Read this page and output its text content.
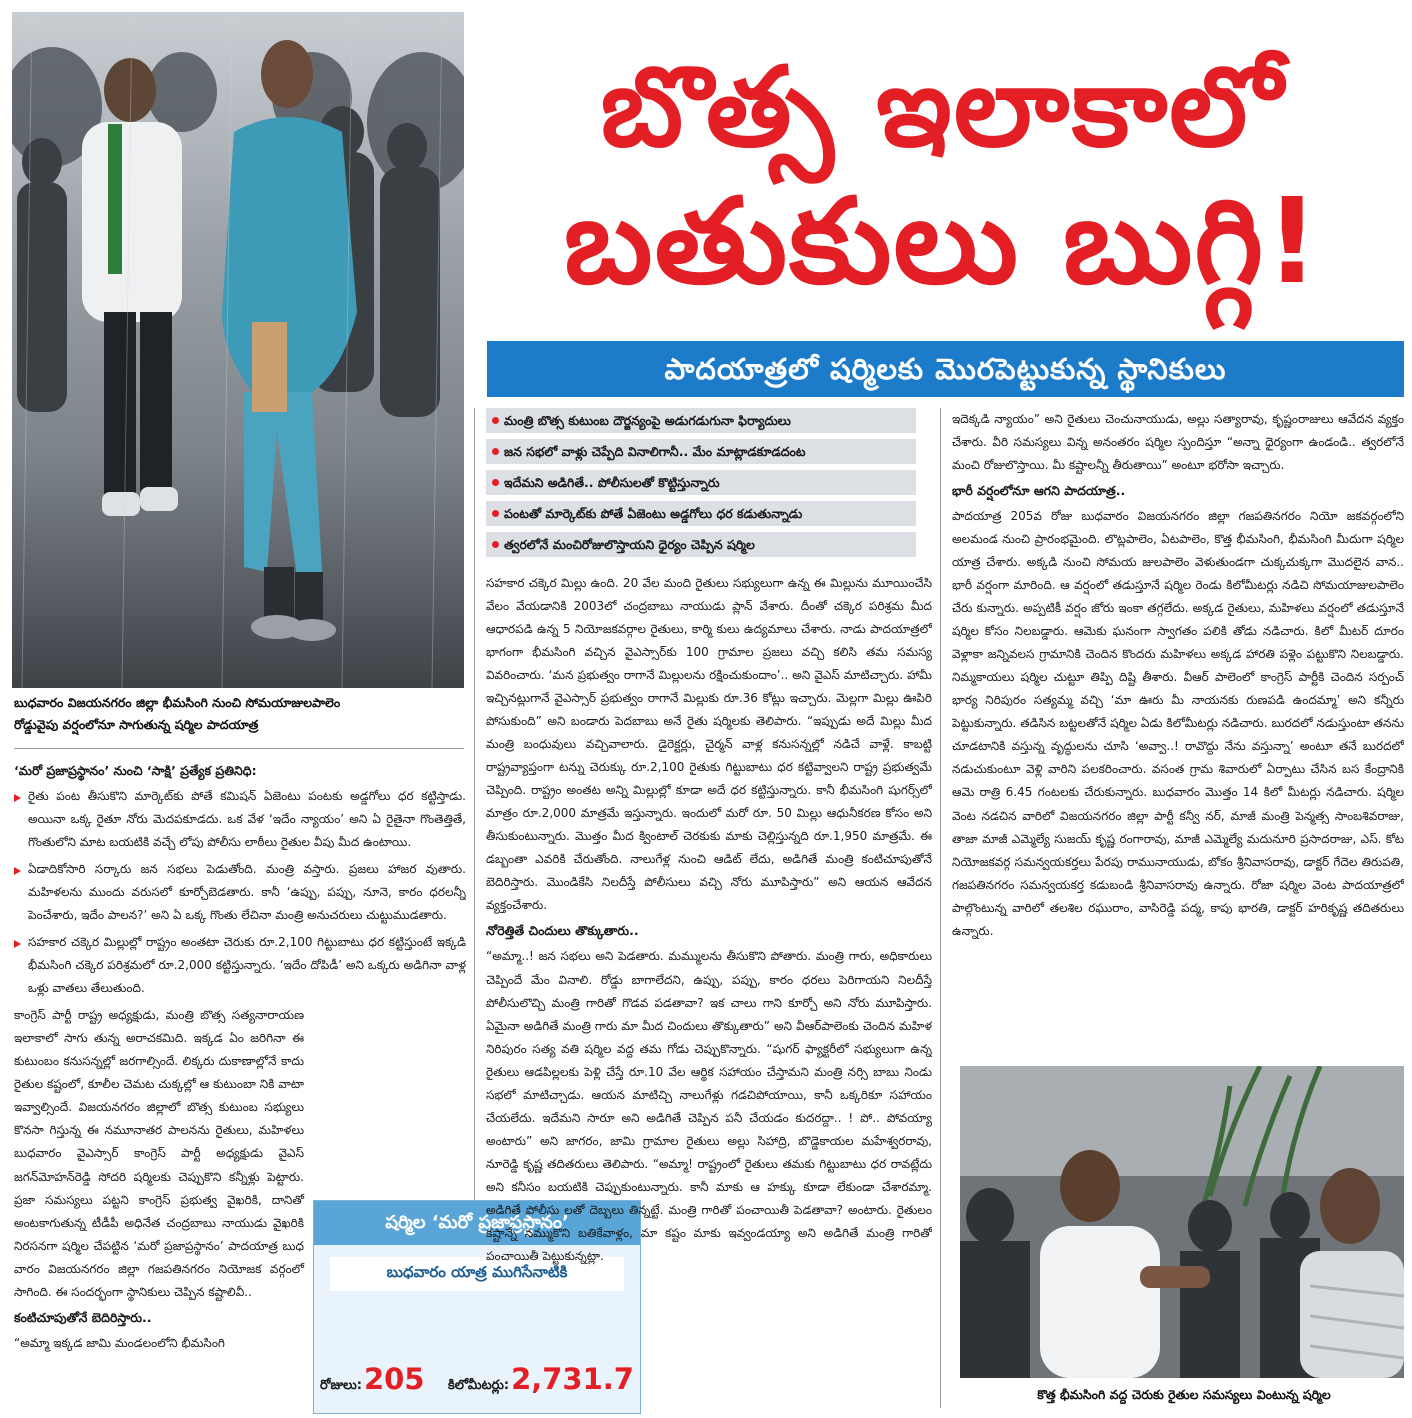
బుధవారం విజయనగరం జిల్లా భీమసింగి నుంచి సోమయాజులపాలెం
రోడ్డువైపు వర్షంలోనూ సాగుతున్న షర్మిల పాదయాత్ర
బొత్స ఇలాకాలో
బతుకులు బుగ్గి!
పాదయాత్రలో షర్మిలకు మొరపెట్టుకున్న స్థానికులు
మంత్రి బొత్స కుటుంబ దౌర్జన్యంపై అడుగడుగునా ఫిర్యాదులు
జన సభలో వాళ్లు చెప్పేది వినాలిగానీ.. మేం మాట్లాడకూడదంట
ఇదేమని అడిగితే.. పోలీసులతో కొట్టిస్తున్నారు
పంటతో మార్కెట్‌కు పోతే ఏజెంటు అడ్డగోలు ధర కడుతున్నాడు
త్వరలోనే మంచిరోజులొస్తాయని ధైర్యం చెప్పిన షర్మిల

‘మరో ప్రజాప్రస్థానం’ నుంచి ‘సాక్షి’ ప్రత్యేక ప్రతినిధి:

రైతు పంట తీసుకొని మార్కెట్‌కు పోతే కమిషన్ ఏజెంటు పంటకు అడ్డగోలు ధర కట్టిస్తాడు. అయినా ఒక్క రైతూ నోరు మెదపకూడదు. ఒక వేళ ‘ఇదేం న్యాయం’ అని ఏ రైతైనా గొంతెత్తితే, గొంతులోని మాట బయటికి వచ్చే లోపు పోలీసు లాఠీలు రైతుల వీపు మీద ఉంటాయి.
ఏడాదికోసారి సర్కారు జన సభలు పెడుతోంది. మంత్రి వస్తారు. ప్రజలు హాజర వుతారు. మహిళలను ముందు వరుసలో కూర్చోబెడతారు. కానీ ‘ఉప్పు, పప్పు, నూనె, కారం ధరలన్నీ పెంచేశారు, ఇదేం పాలన?’ అని ఏ ఒక్క గొంతు లేచినా మంత్రి అనుచరులు చుట్టుముడతారు.
సహకార చక్కెర మిల్లుల్లో రాష్ట్రం అంతటా చెరుకు రూ.2,100 గిట్టుబాటు ధర కట్టిస్తుంటే ఇక్కడి భీమసింగి చక్కెర పరిశ్రమలో రూ.2,000 కట్టిస్తున్నారు. ‘ఇదేం దోపిడీ’ అని ఒక్కరు అడిగినా వాళ్ల ఒళ్లు వాతలు తేలుతుంది.

కాంగ్రెస్ పార్టీ రాష్ట్ర అధ్యక్షుడు, మంత్రి బొత్స సత్యనారాయణ ఇలాకాలో సాగు తున్న అరాచకమిది. ఇక్కడ ఏం జరిగినా ఈ కుటుంబం కనుసన్నల్లో జరగాల్సిందే. లిక్కరు దుకాణాల్లోనే కాదు రైతుల కష్టంలో, కూలీల చెమట చుక్కల్లో ఆ కుటుంబా నికి వాటా ఇవ్వాల్సిందే. విజయనగరం జిల్లాలో బొత్స కుటుంబ సభ్యులు కొనసా గిస్తున్న ఈ నమూనాతర పాలనను రైతులు, మహిళలు బుధవారం వైఎస్సార్ కాంగ్రెస్ పార్టీ అధ్యక్షుడు వైఎస్ జగన్‌మోహన్‌రెడ్డి సోదరి షర్మిలకు చెప్పుకొని కన్నీళ్లు పెట్టారు. ప్రజా సమస్యలు పట్టని కాంగ్రెస్ ప్రభుత్వ వైఖరికి, దానితో అంటకాగుతున్న టీడీపీ అధినేత చంద్రబాబు నాయుడు వైఖరికి నిరసనగా షర్మిల చేపట్టిన ‘మరో ప్రజాప్రస్థానం’ పాదయాత్ర బుధ వారం విజయనగరం జిల్లా గజపతినగరం నియోజక వర్గంలో సాగింది. ఈ సందర్భంగా స్థానికులు చెప్పిన కష్టాలివీ..

కంటిచూపుతోనే బెదిరిస్తారు..

“అమ్మా ఇక్కడ జామి మండలంలోని భీమసింగి

షర్మిల ‘మరో ప్రజాప్రస్థానం’
బుధవారం యాత్ర ముగిసేనాటికి
రోజులు:205 కిలోమీటర్లు:2,731.7

సహకార చక్కెర మిల్లు ఉంది. 20 వేల మంది రైతులు సభ్యులుగా ఉన్న ఈ మిల్లును మూయించేసి వేలం వేయడానికి 2003లో చంద్రబాబు నాయుడు ప్లాన్ వేశారు. దీంతో చక్కెర పరిశ్రమ మీద ఆధారపడి ఉన్న 5 నియోజకవర్గాల రైతులు, కార్మి కులు ఉద్యమాలు చేశారు. నాడు పాదయాత్రలో భాగంగా భీమసింగి వచ్చిన వైఎస్సార్‌కు 100 గ్రామాల ప్రజలు వచ్చి కలిసి తమ సమస్య వివరించారు. ‘మన ప్రభుత్వం రాగానే మిల్లులను రక్షించుకుందాం’.. అని వైఎస్ మాటిచ్చారు. హామీ ఇచ్చినట్లుగానే వైఎస్సార్ ప్రభుత్వం రాగానే మిల్లుకు రూ.36 కోట్లు ఇచ్చారు. మెల్లగా మిల్లు ఊపిరి పోసుకుంది” అని బండారు పెదబాబు అనే రైతు షర్మిలకు తెలిపారు. “ఇప్పుడు అదే మిల్లు మీద మంత్రి బంధువులు వచ్చివాలారు. డైరెక్టర్లు, చైర్మన్ వాళ్ల కనుసన్నల్లో నడిచే వాళ్లే. కాబట్టి రాష్ట్రవ్యాప్తంగా టన్ను చెరుక్కు రూ.2,100 రైతుకు గిట్టుబాటు ధర కట్టివ్వాలని రాష్ట్ర ప్రభుత్వమే చెప్పింది. రాష్ట్రం అంతట అన్ని మిల్లుల్లో కూడా అదే ధర కట్టిస్తున్నారు. కానీ భీమసింగి షుగర్స్‌లో మాత్రం రూ.2,000 మాత్రమే ఇస్తున్నారు. ఇందులో మరో రూ. 50 మిల్లు ఆధునీకరణ కోసం అని తీసుకుంటున్నారు. మొత్తం మీద క్వింటాల్ చెరకుకు మాకు చెల్లిస్తున్నది రూ.1,950 మాత్రమే. ఈ డబ్బంతా ఎవరికి చేరుతోంది. నాలుగేళ్ల నుంచి ఆడిట్ లేదు, అడిగితే మంత్రి కంటిచూపుతోనే బెదిరిస్తారు. మొండికేసి నిలదీస్తే పోలీసులు వచ్చి నోరు మూపిస్తారు” అని ఆయన ఆవేదన వ్యక్తంచేశారు.

నోరెత్తితే చిందులు తొక్కుతారు..

“అమ్మా..! జన సభలు అని పెడతారు. మమ్ములను తీసుకొని పోతారు. మంత్రి గారు, అధికారులు చెప్పిందే మేం వినాలి. రోడ్డు బాగాలేదని, ఉప్పు, పప్పు, కారం ధరలు పెరిగాయని నిలదీస్తే పోలీసులొచ్చి మంత్రి గారితో గొడవ పడతావా? ఇక చాలు గాని కూర్చో అని నోరు మూపిస్తారు. ఏమైనా అడిగితే మంత్రి గారు మా మీద చిందులు తొక్కుతారు” అని వీఆర్‌పాలెంకు చెందిన మహిళ నిరిపురం సత్య వతి షర్మిల వద్ద తమ గోడు చెప్పుకొన్నారు. “షుగర్ ఫ్యాక్టరీలో సభ్యులుగా ఉన్న రైతులు ఆడపిల్లలకు పెళ్లి చేస్తే రూ.10 వేల ఆర్థిక సహాయం చేస్తామని మంత్రి నర్సి బాబు నిండు సభలో మాటిచ్చాడు. ఆయన మాటిచ్చి నాలుగేళ్లు గడచిపోయాయి, కానీ ఒక్కరికూ సహాయం చేయలేదు. ఇదేమని సారూ అని అడిగితే చెప్పిన పనీ చేయడం కుదరద్దా.. ! పో.. పోవయ్యా అంటారు” అని జాగరం, జామి గ్రామాల రైతులు అల్లు సిహాద్రి, బొడ్డెకాయల మహేశ్వరరావు, నూరెడ్డి కృష్ణ తదితరులు తెలిపారు. “అమ్మా! రాష్ట్రంలో రైతులు తమకు గిట్టుబాటు ధర రావట్లేదు అని కనీసం బయటికి చెప్పుకుంటున్నారు. కానీ మాకు ఆ హక్కు కూడా లేకుండా చేశారమ్మా. అడిగితే పోలీసు లతో దెబ్బలు తిన్నట్టే. మంత్రి గారితో పంచాయితీ పెడతావా? అంటారు. రైతులం కష్టాన్నే నమ్ముకొని బతికేవాళ్లం, మా కష్టం మాకు ఇవ్వండయ్యా అని అడిగితే మంత్రి గారితో పంచాయితీ పెట్టుకున్నట్లా.

ఇదెక్కడి న్యాయం” అని రైతులు చెంచునాయుడు, అల్లు సత్యారావు, కృష్ణంరాజులు ఆవేదన వ్యక్తం చేశారు. వీరి సమస్యలు విన్న అనంతరం షర్మిల స్పందిస్తూ “అన్నా ధైర్యంగా ఉండండి.. త్వరలోనే మంచి రోజులొస్తాయి. మీ కష్టాలన్నీ తీరుతాయి” అంటూ భరోసా ఇచ్చారు.

భారీ వర్షంలోనూ ఆగని పాదయాత్ర..

పాదయాత్ర 205వ రోజు బుధవారం విజయనగరం జిల్లా గజపతినగరం నియో జకవర్గంలోని అలమండ నుంచి ప్రారంభమైంది. లొట్లపాలెం, ఏటపాలెం, కొత్త భీమసింగి, భీమసింగి మీదుగా షర్మిల యాత్ర చేశారు. అక్కడి నుంచి సోమయ జులపాలెం వెళుతుండగా చుక్కచుక్కగా మొదలైన వాన.. భారీ వర్షంగా మారింది. ఆ వర్షంలో తడుస్తూనే షర్మిల రెండు కిలోమీటర్లు నడిచి సోమయాజులపాలెం చేరు కున్నారు. అప్పటికీ వర్షం జోరు ఇంకా తగ్గలేదు. అక్కడ రైతులు, మహిళలు వర్షంలో తడుస్తూనే షర్మిల కోసం నిలబడ్డారు. ఆమెకు ఘనంగా స్వాగతం పలికి తోడు నడిచారు. కిలో మీటర్ దూరం వెళ్లాకా జన్నివలస గ్రామానికి చెందిన కొందరు మహిళలు అక్కడ హారతి పళ్లెం పట్టుకొని నిలబడ్డారు. నిమ్మకాయలు షర్మిల చుట్టూ తిప్పి దిష్టి తీశారు. వీఆర్ పాలెంలో కాంగ్రెస్ పార్టీకి చెందిన సర్పంచ్ భార్య నిరిపురం సత్యమ్మ వచ్చి ‘మా ఊరు మీ నాయనకు రుణపడి ఉందమ్మా’ అని కన్నీరు పెట్టుకున్నారు. తడిసిన బట్టలతోనే షర్మిల ఏడు కిలోమీటర్లు నడిచారు. బురదలో నడుస్తుంటా తనను చూడటానికి వస్తున్న వృద్ధులను చూసి ‘అవ్వా..! రావొద్దు నేను వస్తున్నా’ అంటూ తనే బురదలో నడుచుకుంటూ వెళ్లి వారిని పలకరించారు. వసంత గ్రామ శివారులో ఏర్పాటు చేసిన బస కేంద్రానికి ఆమె రాత్రి 6.45 గంటలకు చేరుకున్నారు. బుధవారం మొత్తం 14 కిలో మీటర్లు నడిచారు. షర్మిల వెంట నడచిన వారిలో విజయనగరం జిల్లా పార్టీ కన్వీ నర్, మాజీ మంత్రి పెన్మత్స సాంబశివరాజు, తాజా మాజీ ఎమ్మెల్యే సుజయ్ కృష్ణ రంగారావు, మాజీ ఎమ్మెల్యే మదునూరి ప్రసాదరాజు, ఎస్. కోట నియోజకవర్గ సమన్వయకర్తలు పేరపు రామునాయుడు, బోకం శ్రీనివాసరావు, డాక్టర్ గేదెల తిరుపతి, గజపతినగరం సమన్వయకర్త కడుబండి శ్రీనివాసరావు ఉన్నారు. రోజా షర్మిల వెంట పాదయాత్రలో పాల్గొంటున్న వారిలో తలశిల రఘురాం, వాసిరెడ్డి పద్మ, కాపు భారతి, డాక్టర్ హరికృష్ణ తదితరులు ఉన్నారు.

కొత్త భీమసింగి వద్ద చెరుకు రైతుల సమస్యలు వింటున్న షర్మిల
